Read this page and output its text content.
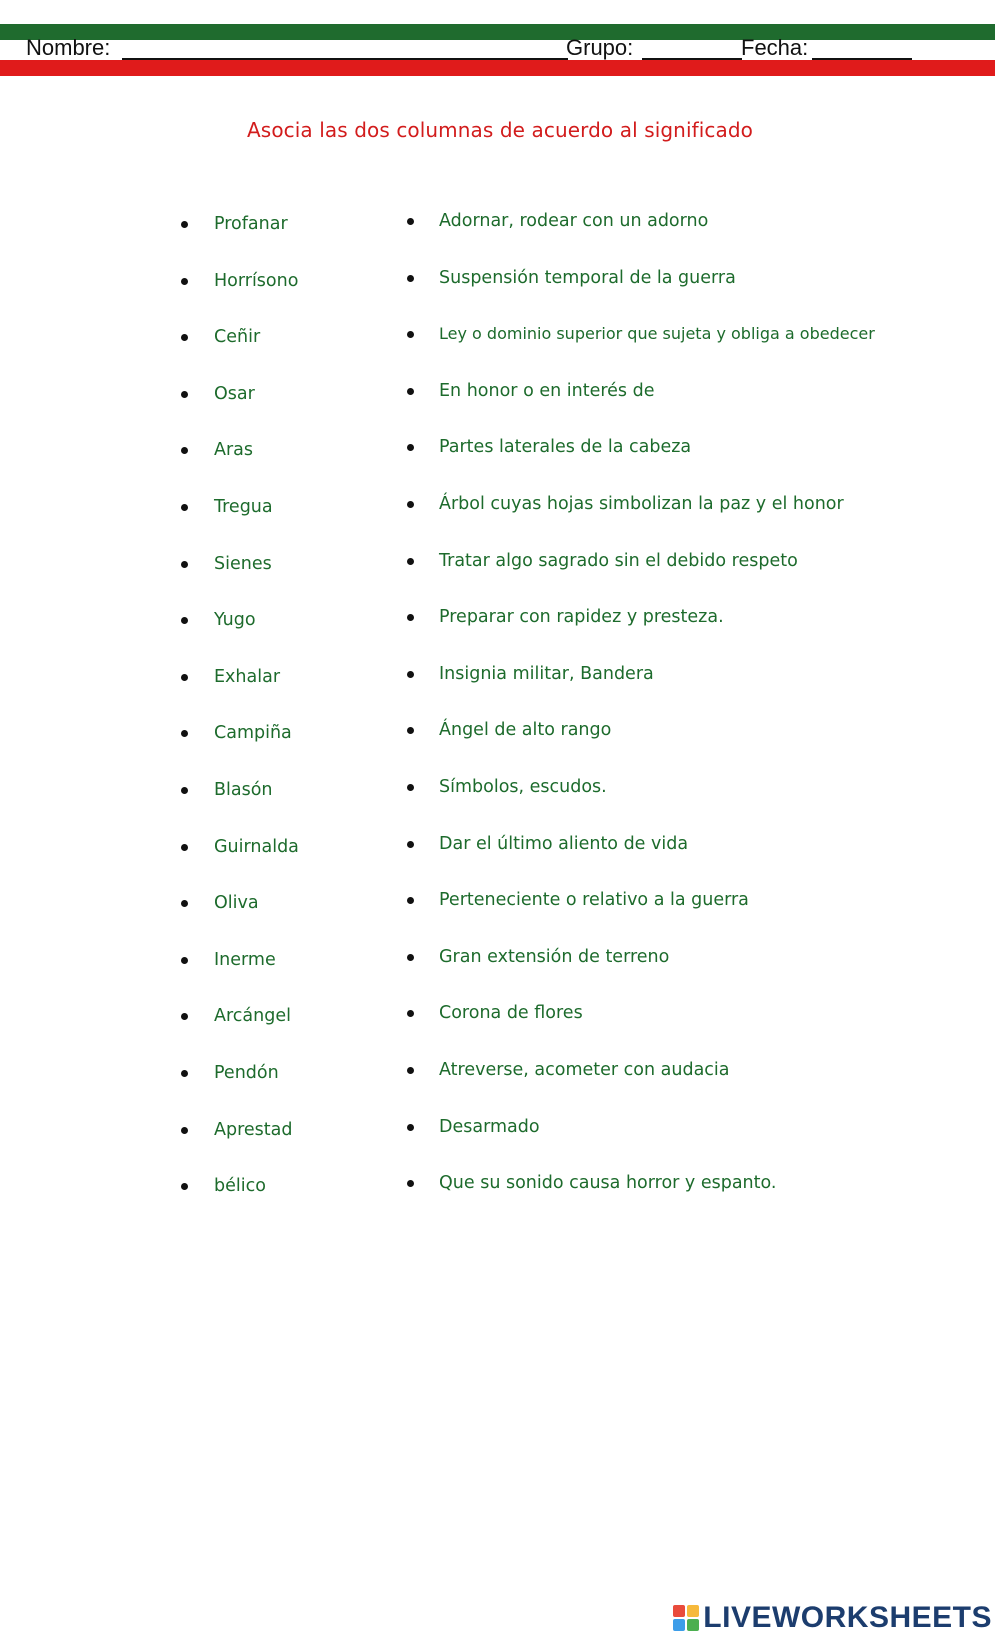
Nombre:	Grupo:	Fecha:
Asocia las dos columnas de acuerdo al significado
Profanar
Horrísono
Ceñir
Osar
Aras
Tregua
Sienes
Yugo
Exhalar
Campiña
Blasón
Guirnalda
Oliva
Inerme
Arcángel
Pendón
Aprestad
bélico
Adornar, rodear con un adorno
Suspensión temporal de la guerra
Ley o dominio superior que sujeta y obliga a obedecer
En honor o en interés de
Partes laterales de la cabeza
Árbol cuyas hojas simbolizan la paz y el honor
Tratar algo sagrado sin el debido respeto
Preparar con rapidez y presteza.
Insignia militar, Bandera
Ángel de alto rango
Símbolos, escudos.
Dar el último aliento de vida
Perteneciente o relativo a la guerra
Gran extensión de terreno
Corona de flores
Atreverse, acometer con audacia
Desarmado
Que su sonido causa horror y espanto.
LIVEWORKSHEETS
